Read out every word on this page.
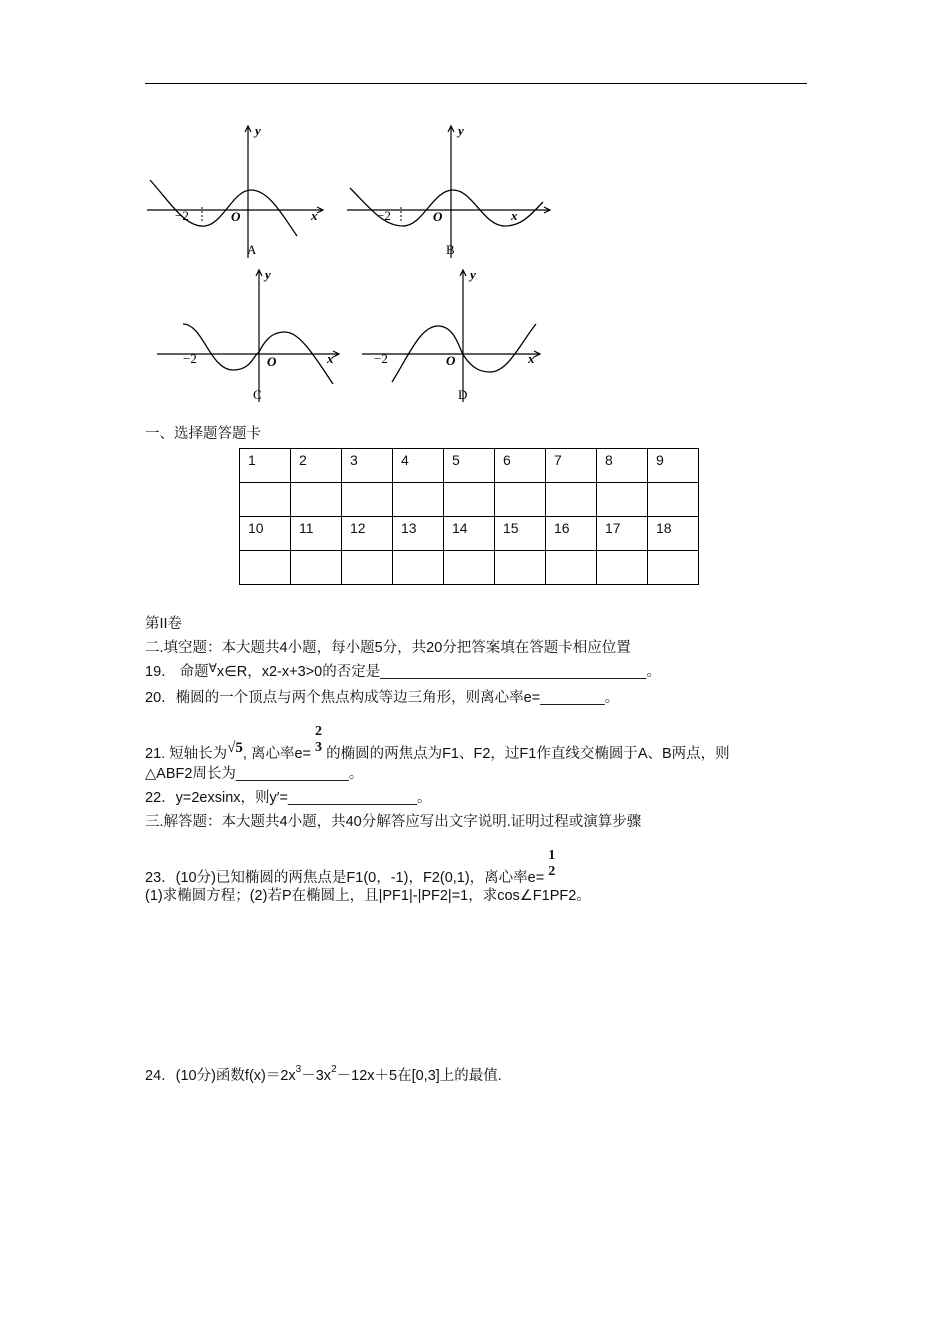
−2	O	x
y
A
−2	O	x
y
B
−2	O	x
y
C
−2	O	x
y
D
一、选择题答题卡
1	2	3	4	5	6	7	8	9

10	11	12	13	14	15	16	17	18

第II卷
二.填空题：本大题共4小题，每小题5分，共20分把答案填在答题卡相应位置
19． 命题∀x∈R，x2-x+3>0的否定是_________________________________。
20．椭圆的一个顶点与两个焦点构成等边三角形，则离心率e=________。
21. 短轴长为√5, 离心率e=
2
3 的椭圆的两焦点为F1、F2，过F1作直线交椭圆于A、B两点，则
△ABF2周长为______________。
22．y=2exsinx，则y′=________________。
三.解答题：本大题共4小题，共40分解答应写出文字说明.证明过程或演算步骤
23．(10分)已知椭圆的两焦点是F1(0，-1)，F2(0,1)，离心率e=
1
2
(1)求椭圆方程；(2)若P在椭圆上，且|PF1|-|PF2|=1，求cos∠F1PF2。
24．(10分)函数$f(x)=2x^3-3x^2-12x+5$在[0,3]上的最值.
